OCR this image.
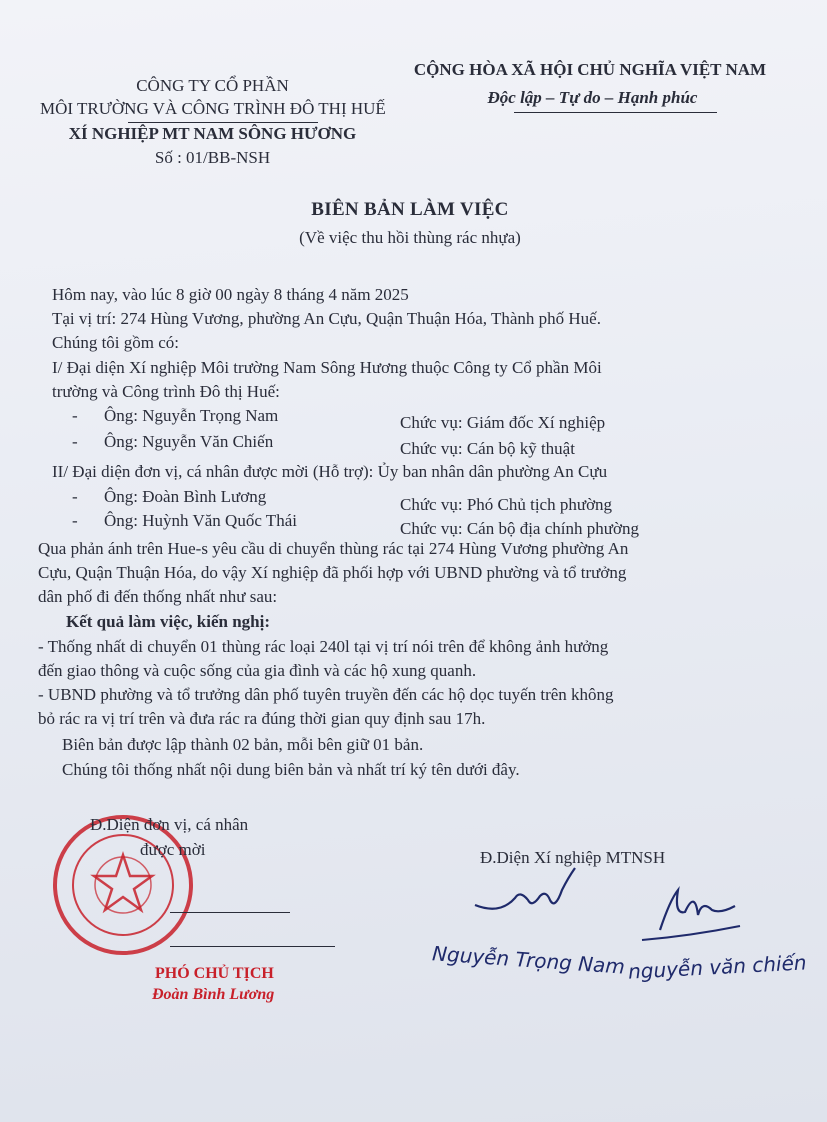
CÔNG TY CỔ PHẦN
MÔI TRƯỜNG VÀ CÔNG TRÌNH ĐÔ THỊ HUẾ
XÍ NGHIỆP MT NAM SÔNG HƯƠNG
Số : 01/BB-NSH
CỘNG HÒA XÃ HỘI CHỦ NGHĨA VIỆT NAM
Độc lập – Tự do – Hạnh phúc
BIÊN BẢN LÀM VIỆC
(Về việc thu hồi thùng rác nhựa)
Hôm nay, vào lúc 8 giờ 00 ngày 8 tháng 4 năm 2025
Tại vị trí: 274 Hùng Vương, phường An Cựu, Quận Thuận Hóa, Thành phố Huế.
Chúng tôi gồm có:
I/ Đại diện Xí nghiệp Môi trường Nam Sông Hương thuộc Công ty Cổ phần Môi
trường và Công trình Đô thị Huế:
- Ông: Nguyễn Trọng Nam	Chức vụ: Giám đốc Xí nghiệp
- Ông: Nguyễn Văn Chiến	Chức vụ: Cán bộ kỹ thuật
II/ Đại diện đơn vị, cá nhân được mời (Hỗ trợ): Ủy ban nhân dân phường An Cựu
- Ông: Đoàn Bình Lương	Chức vụ: Phó Chủ tịch phường
- Ông: Huỳnh Văn Quốc Thái	Chức vụ: Cán bộ địa chính phường
Qua phản ánh trên Hue-s yêu cầu di chuyển thùng rác tại 274 Hùng Vương phường An
Cựu, Quận Thuận Hóa, do vậy Xí nghiệp đã phối hợp với UBND phường và tổ trưởng
dân phố đi đến thống nhất như sau:
Kết quả làm việc, kiến nghị:
- Thống nhất di chuyển 01 thùng rác loại 240l tại vị trí nói trên để không ảnh hưởng
đến giao thông và cuộc sống của gia đình và các hộ xung quanh.
- UBND phường và tổ trưởng dân phố tuyên truyền đến các hộ dọc tuyến trên không
bỏ rác ra vị trí trên và đưa rác ra đúng thời gian quy định sau 17h.
Biên bản được lập thành 02 bản, mỗi bên giữ 01 bản.
Chúng tôi thống nhất nội dung biên bản và nhất trí ký tên dưới đây.
Đ.Diện đơn vị, cá nhân
được mời
PHÓ CHỦ TỊCH
Đoàn Bình Lương
Đ.Diện Xí nghiệp MTNSH
Nguyễn Trọng Nam nguyễn văn chiến
